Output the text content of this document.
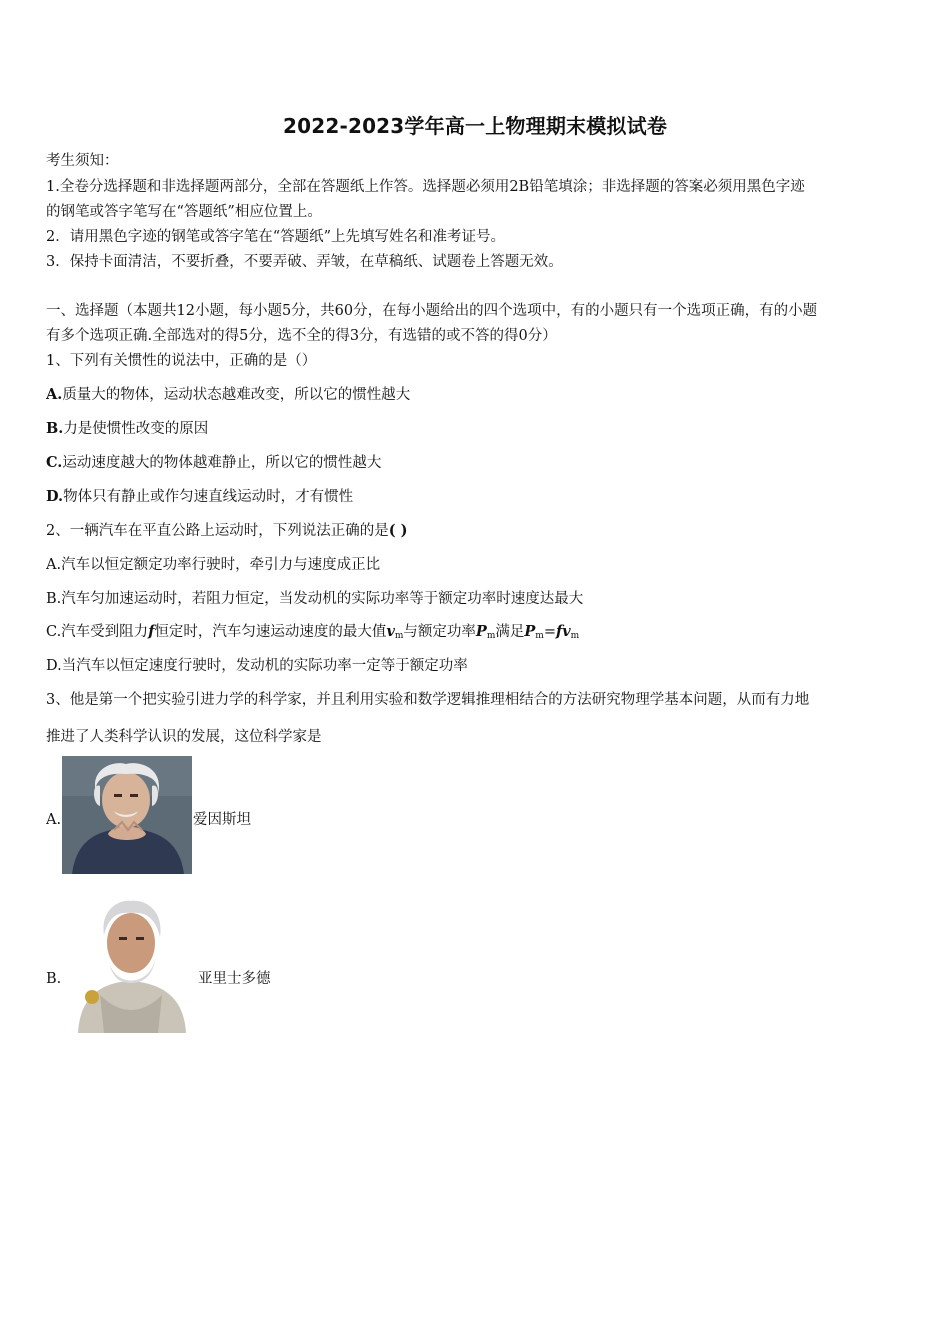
2022-2023学年高一上物理期末模拟试卷
考生须知：
1.全卷分选择题和非选择题两部分，全部在答题纸上作答。选择题必须用2B铅笔填涂；非选择题的答案必须用黑色字迹
的钢笔或答字笔写在“答题纸”相应位置上。
2．请用黑色字迹的钢笔或答字笔在“答题纸”上先填写姓名和准考证号。
3．保持卡面清洁，不要折叠，不要弄破、弄皱，在草稿纸、试题卷上答题无效。
一、选择题（本题共12小题，每小题5分，共60分，在每小题给出的四个选项中，有的小题只有一个选项正确，有的小题
有多个选项正确.全部选对的得5分，选不全的得3分，有选错的或不答的得0分）
1、下列有关惯性的说法中，正确的是（）
A.质量大的物体，运动状态越难改变，所以它的惯性越大
B.力是使惯性改变的原因
C.运动速度越大的物体越难静止，所以它的惯性越大
D.物体只有静止或作匀速直线运动时，才有惯性
2、一辆汽车在平直公路上运动时，下列说法正确的是( )
A.汽车以恒定额定功率行驶时，牵引力与速度成正比
B.汽车匀加速运动时，若阻力恒定，当发动机的实际功率等于额定功率时速度达最大
C.汽车受到阻力f恒定时，汽车匀速运动速度的最大值$v_m$与额定功率$P_m$满足$P_m=fv_m$
D.当汽车以恒定速度行驶时，发动机的实际功率一定等于额定功率
3、他是第一个把实验引进力学的科学家，并且利用实验和数学逻辑推理相结合的方法研究物理学基本问题，从而有力地
推进了人类科学认识的发展，这位科学家是
A.	爱因斯坦
B.	亚里士多德
